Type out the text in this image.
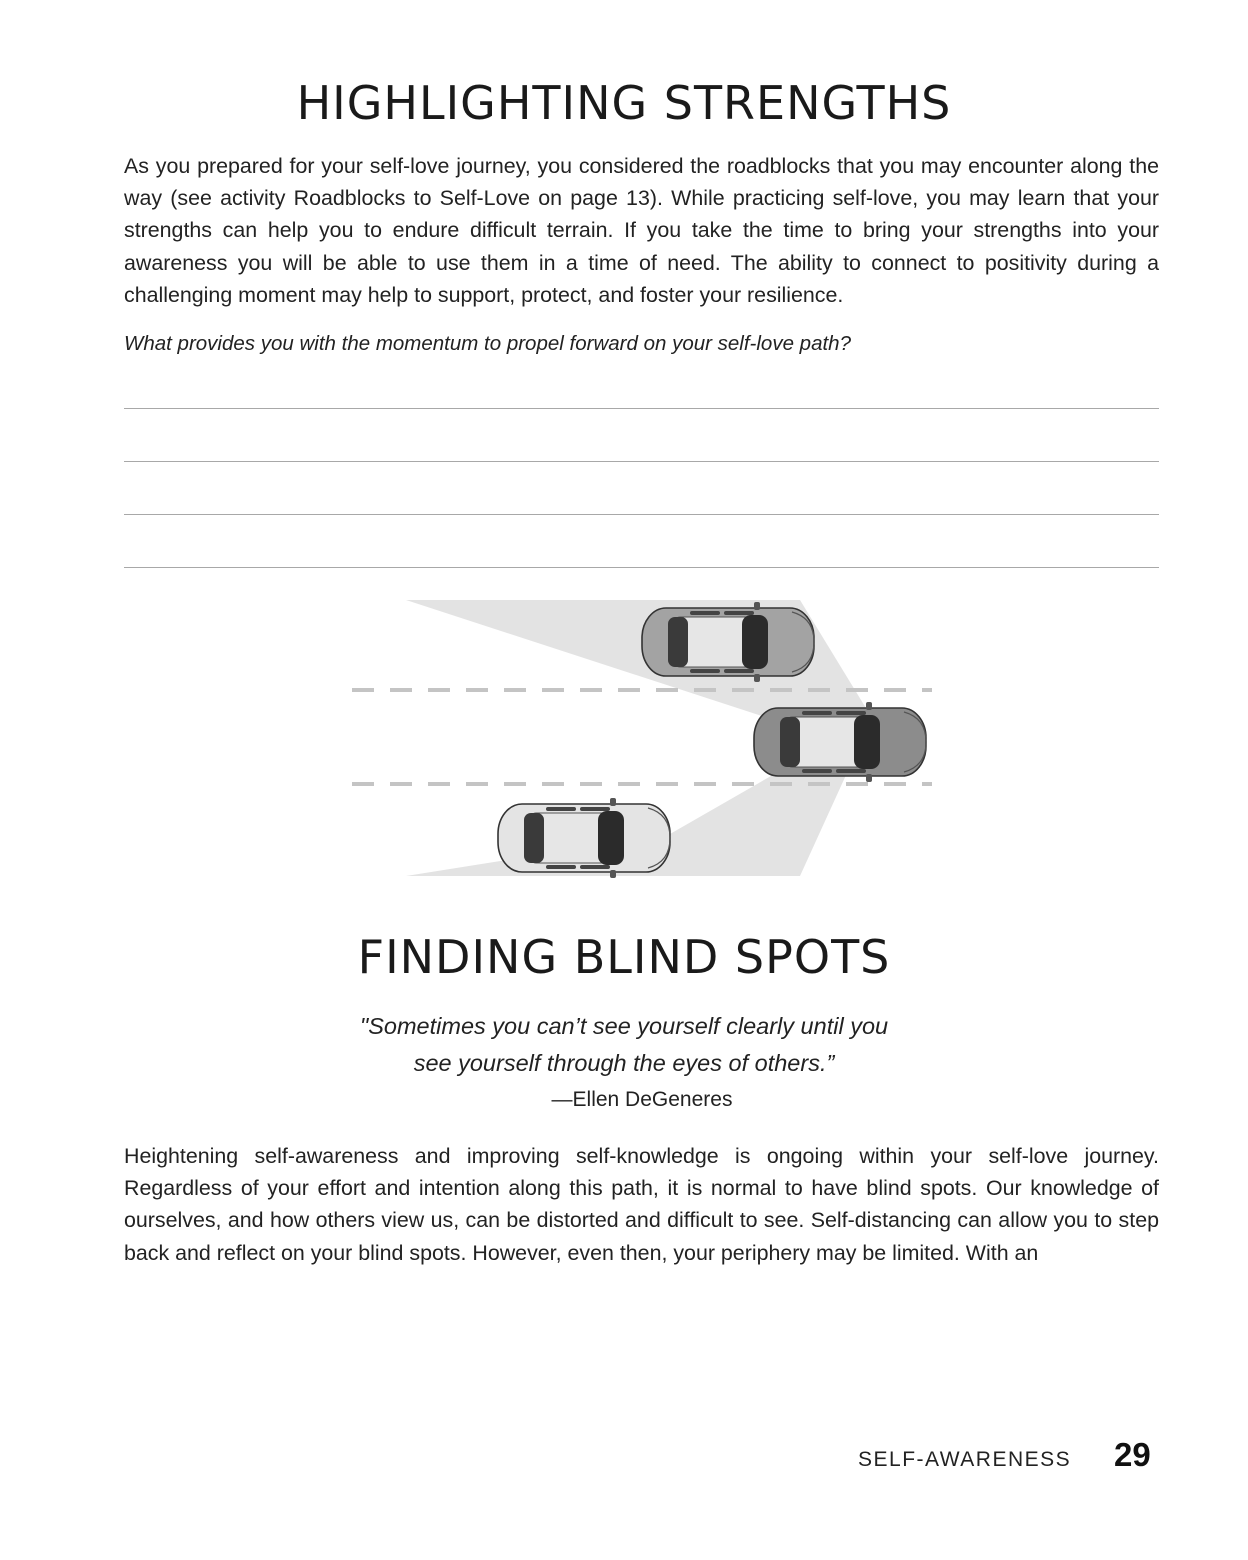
HIGHLIGHTING STRENGTHS

As you prepared for your self-love journey, you considered the roadblocks that you may encounter along the way (see activity Roadblocks to Self-Love on page 13). While practicing self-love, you may learn that your strengths can help you to endure difficult terrain. If you take the time to bring your strengths into your awareness you will be able to use them in a time of need. The ability to connect to positivity during a challenging moment may help to support, protect, and foster your resilience.

What provides you with the momentum to propel forward on your self-love path?

FINDING BLIND SPOTS

"Sometimes you can’t see yourself clearly until you

see yourself through the eyes of others.”

—Ellen DeGeneres

Heightening self-awareness and improving self-knowledge is ongoing within your self-love journey. Regardless of your effort and intention along this path, it is normal to have blind spots. Our knowledge of ourselves, and how others view us, can be distorted and difficult to see. Self-distancing can allow you to step back and reflect on your blind spots. However, even then, your periphery may be limited. With an

SELF-AWARENESS 29
